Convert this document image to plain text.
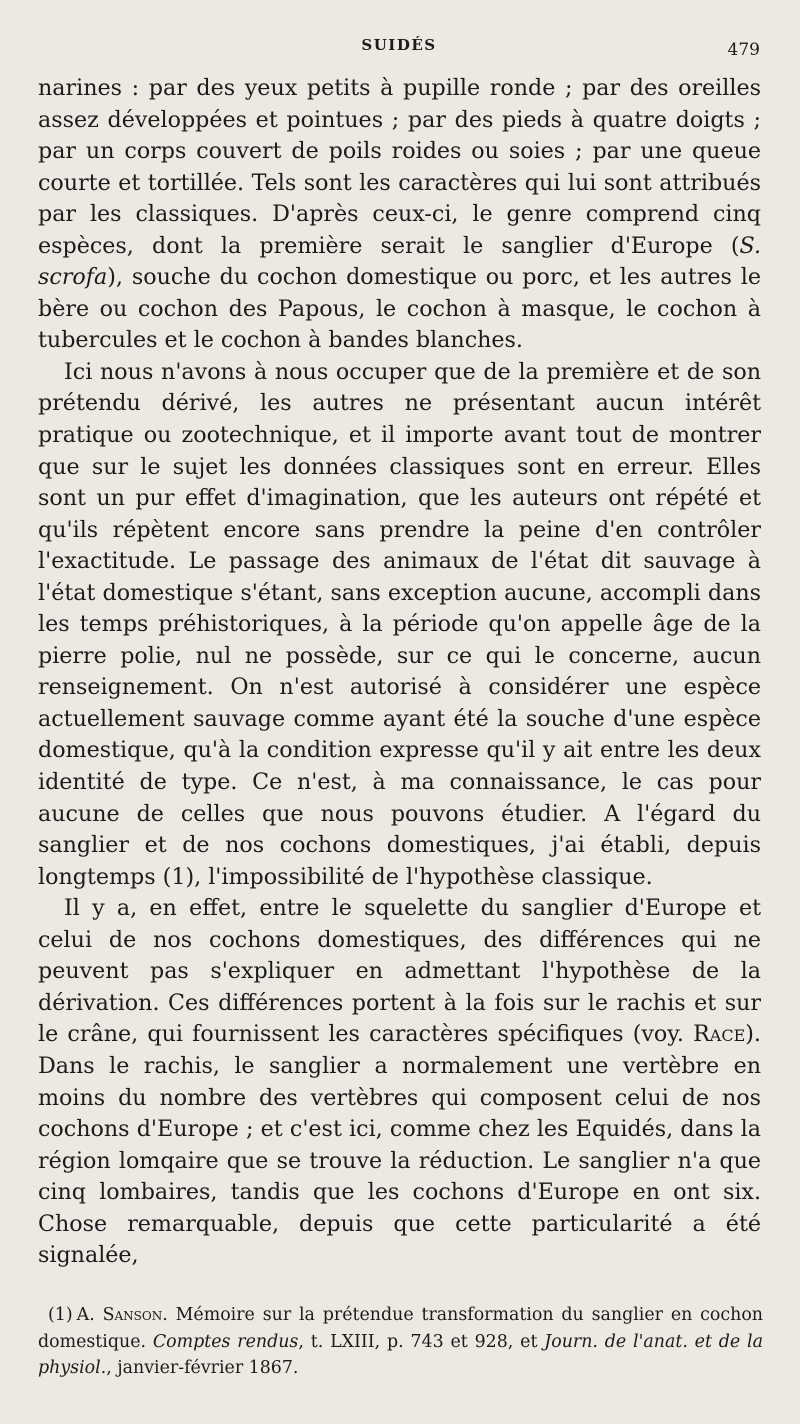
SUIDÉS	479

narines : par des yeux petits à pupille ronde ; par des oreilles assez développées et pointues ; par des pieds à quatre doigts ; par un corps couvert de poils roides ou soies ; par une queue courte et tortillée. Tels sont les caractères qui lui sont attribués par les classiques. D'après ceux-ci, le genre comprend cinq espèces, dont la première serait le sanglier d'Europe (S. scrofa), souche du cochon domestique ou porc, et les autres le bère ou cochon des Papous, le cochon à masque, le cochon à tubercules et le cochon à bandes blanches.

Ici nous n'avons à nous occuper que de la première et de son prétendu dérivé, les autres ne présentant aucun intérêt pratique ou zootechnique, et il importe avant tout de montrer que sur le sujet les données classiques sont en erreur. Elles sont un pur effet d'imagination, que les auteurs ont répété et qu'ils répètent encore sans prendre la peine d'en contrôler l'exactitude. Le passage des animaux de l'état dit sauvage à l'état domestique s'étant, sans exception aucune, accompli dans les temps préhistoriques, à la période qu'on appelle âge de la pierre polie, nul ne possède, sur ce qui le concerne, aucun renseignement. On n'est autorisé à considérer une espèce actuellement sauvage comme ayant été la souche d'une espèce domestique, qu'à la condition expresse qu'il y ait entre les deux identité de type. Ce n'est, à ma connaissance, le cas pour aucune de celles que nous pouvons étudier. A l'égard du sanglier et de nos cochons domestiques, j'ai établi, depuis longtemps (1), l'impossibilité de l'hypothèse classique.

Il y a, en effet, entre le squelette du sanglier d'Europe et celui de nos cochons domestiques, des différences qui ne peuvent pas s'expliquer en admettant l'hypothèse de la dérivation. Ces différences portent à la fois sur le rachis et sur le crâne, qui fournissent les caractères spécifiques (voy. Race). Dans le rachis, le sanglier a normalement une vertèbre en moins du nombre des vertèbres qui composent celui de nos cochons d'Europe ; et c'est ici, comme chez les Equidés, dans la région lomqaire que se trouve la réduction. Le sanglier n'a que cinq lombaires, tandis que les cochons d'Europe en ont six. Chose remarquable, depuis que cette particularité a été signalée,

(1) A. Sanson. Mémoire sur la prétendue transformation du sanglier en cochon domestique. Comptes rendus, t. LXIII, p. 743 et 928, et Journ. de l'anat. et de la physiol., janvier-février 1867.
